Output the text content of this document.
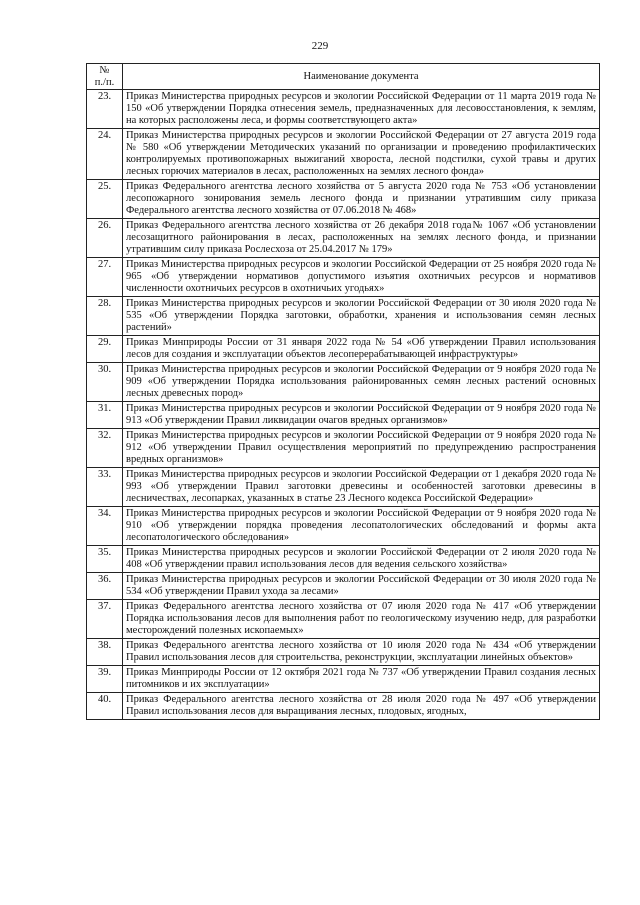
229
№
п./п.	Наименование документа
23.	Приказ Министерства природных ресурсов и экологии Российской Федерации от 11 марта 2019 года № 150 «Об утверждении Порядка отнесения земель, предназначенных для лесовосстановления, к землям, на которых расположены леса, и формы соответствующего акта»
24.	Приказ Министерства природных ресурсов и экологии Российской Федерации от 27 августа 2019 года № 580 «Об утверждении Методических указаний по организации и проведению профилактических контролируемых противопожарных выжиганий хвороста, лесной подстилки, сухой травы и других лесных горючих материалов в лесах, расположенных на землях лесного фонда»
25.	Приказ Федерального агентства лесного хозяйства от 5 августа 2020 года № 753 «Об установлении лесопожарного зонирования земель лесного фонда и признании утратившим силу приказа Федерального агентства лесного хозяйства от 07.06.2018 № 468»
26.	Приказ Федерального агентства лесного хозяйства от 26 декабря 2018 года№ 1067 «Об установлении лесозащитного районирования в лесах, расположенных на землях лесного фонда, и признании утратившим силу приказа Рослесхоза от 25.04.2017 № 179»
27.	Приказ Министерства природных ресурсов и экологии Российской Федерации от 25 ноября 2020 года № 965 «Об утверждении нормативов допустимого изъятия охотничьих ресурсов и нормативов численности охотничьих ресурсов в охотничьих угодьях»
28.	Приказ Министерства природных ресурсов и экологии Российской Федерации от 30 июля 2020 года № 535 «Об утверждении Порядка заготовки, обработки, хранения и использования семян лесных растений»
29.	Приказ Минприроды России от 31 января 2022 года № 54 «Об утверждении Правил использования лесов для создания и эксплуатации объектов лесоперерабатывающей инфраструктуры»
30.	Приказ Министерства природных ресурсов и экологии Российской Федерации от 9 ноября 2020 года № 909 «Об утверждении Порядка использования районированных семян лесных растений основных лесных древесных пород»
31.	Приказ Министерства природных ресурсов и экологии Российской Федерации от 9 ноября 2020 года № 913 «Об утверждении Правил ликвидации очагов вредных организмов»
32.	Приказ Министерства природных ресурсов и экологии Российской Федерации от 9 ноября 2020 года № 912 «Об утверждении Правил осуществления мероприятий по предупреждению распространения вредных организмов»
33.	Приказ Министерства природных ресурсов и экологии Российской Федерации от 1 декабря 2020 года № 993 «Об утверждении Правил заготовки древесины и особенностей заготовки древесины в лесничествах, лесопарках, указанных в статье 23 Лесного кодекса Российской Федерации»
34.	Приказ Министерства природных ресурсов и экологии Российской Федерации от 9 ноября 2020 года № 910 «Об утверждении порядка проведения лесопатологических обследований и формы акта лесопатологического обследования»
35.	Приказ Министерства природных ресурсов и экологии Российской Федерации от 2 июля 2020 года № 408 «Об утверждении правил использования лесов для ведения сельского хозяйства»
36.	Приказ Министерства природных ресурсов и экологии Российской Федерации от 30 июля 2020 года № 534 «Об утверждении Правил ухода за лесами»
37.	Приказ Федерального агентства лесного хозяйства от 07 июля 2020 года № 417 «Об утверждении Порядка использования лесов для выполнения работ по геологическому изучению недр, для разработки месторождений полезных ископаемых»
38.	Приказ Федерального агентства лесного хозяйства от 10 июля 2020 года № 434 «Об утверждении Правил использования лесов для строительства, реконструкции, эксплуатации линейных объектов»
39.	Приказ Минприроды России от 12 октября 2021 года № 737 «Об утверждении Правил создания лесных питомников и их эксплуатации»
40.	Приказ Федерального агентства лесного хозяйства от 28 июля 2020 года № 497 «Об утверждении Правил использования лесов для выращивания лесных, плодовых, ягодных,
